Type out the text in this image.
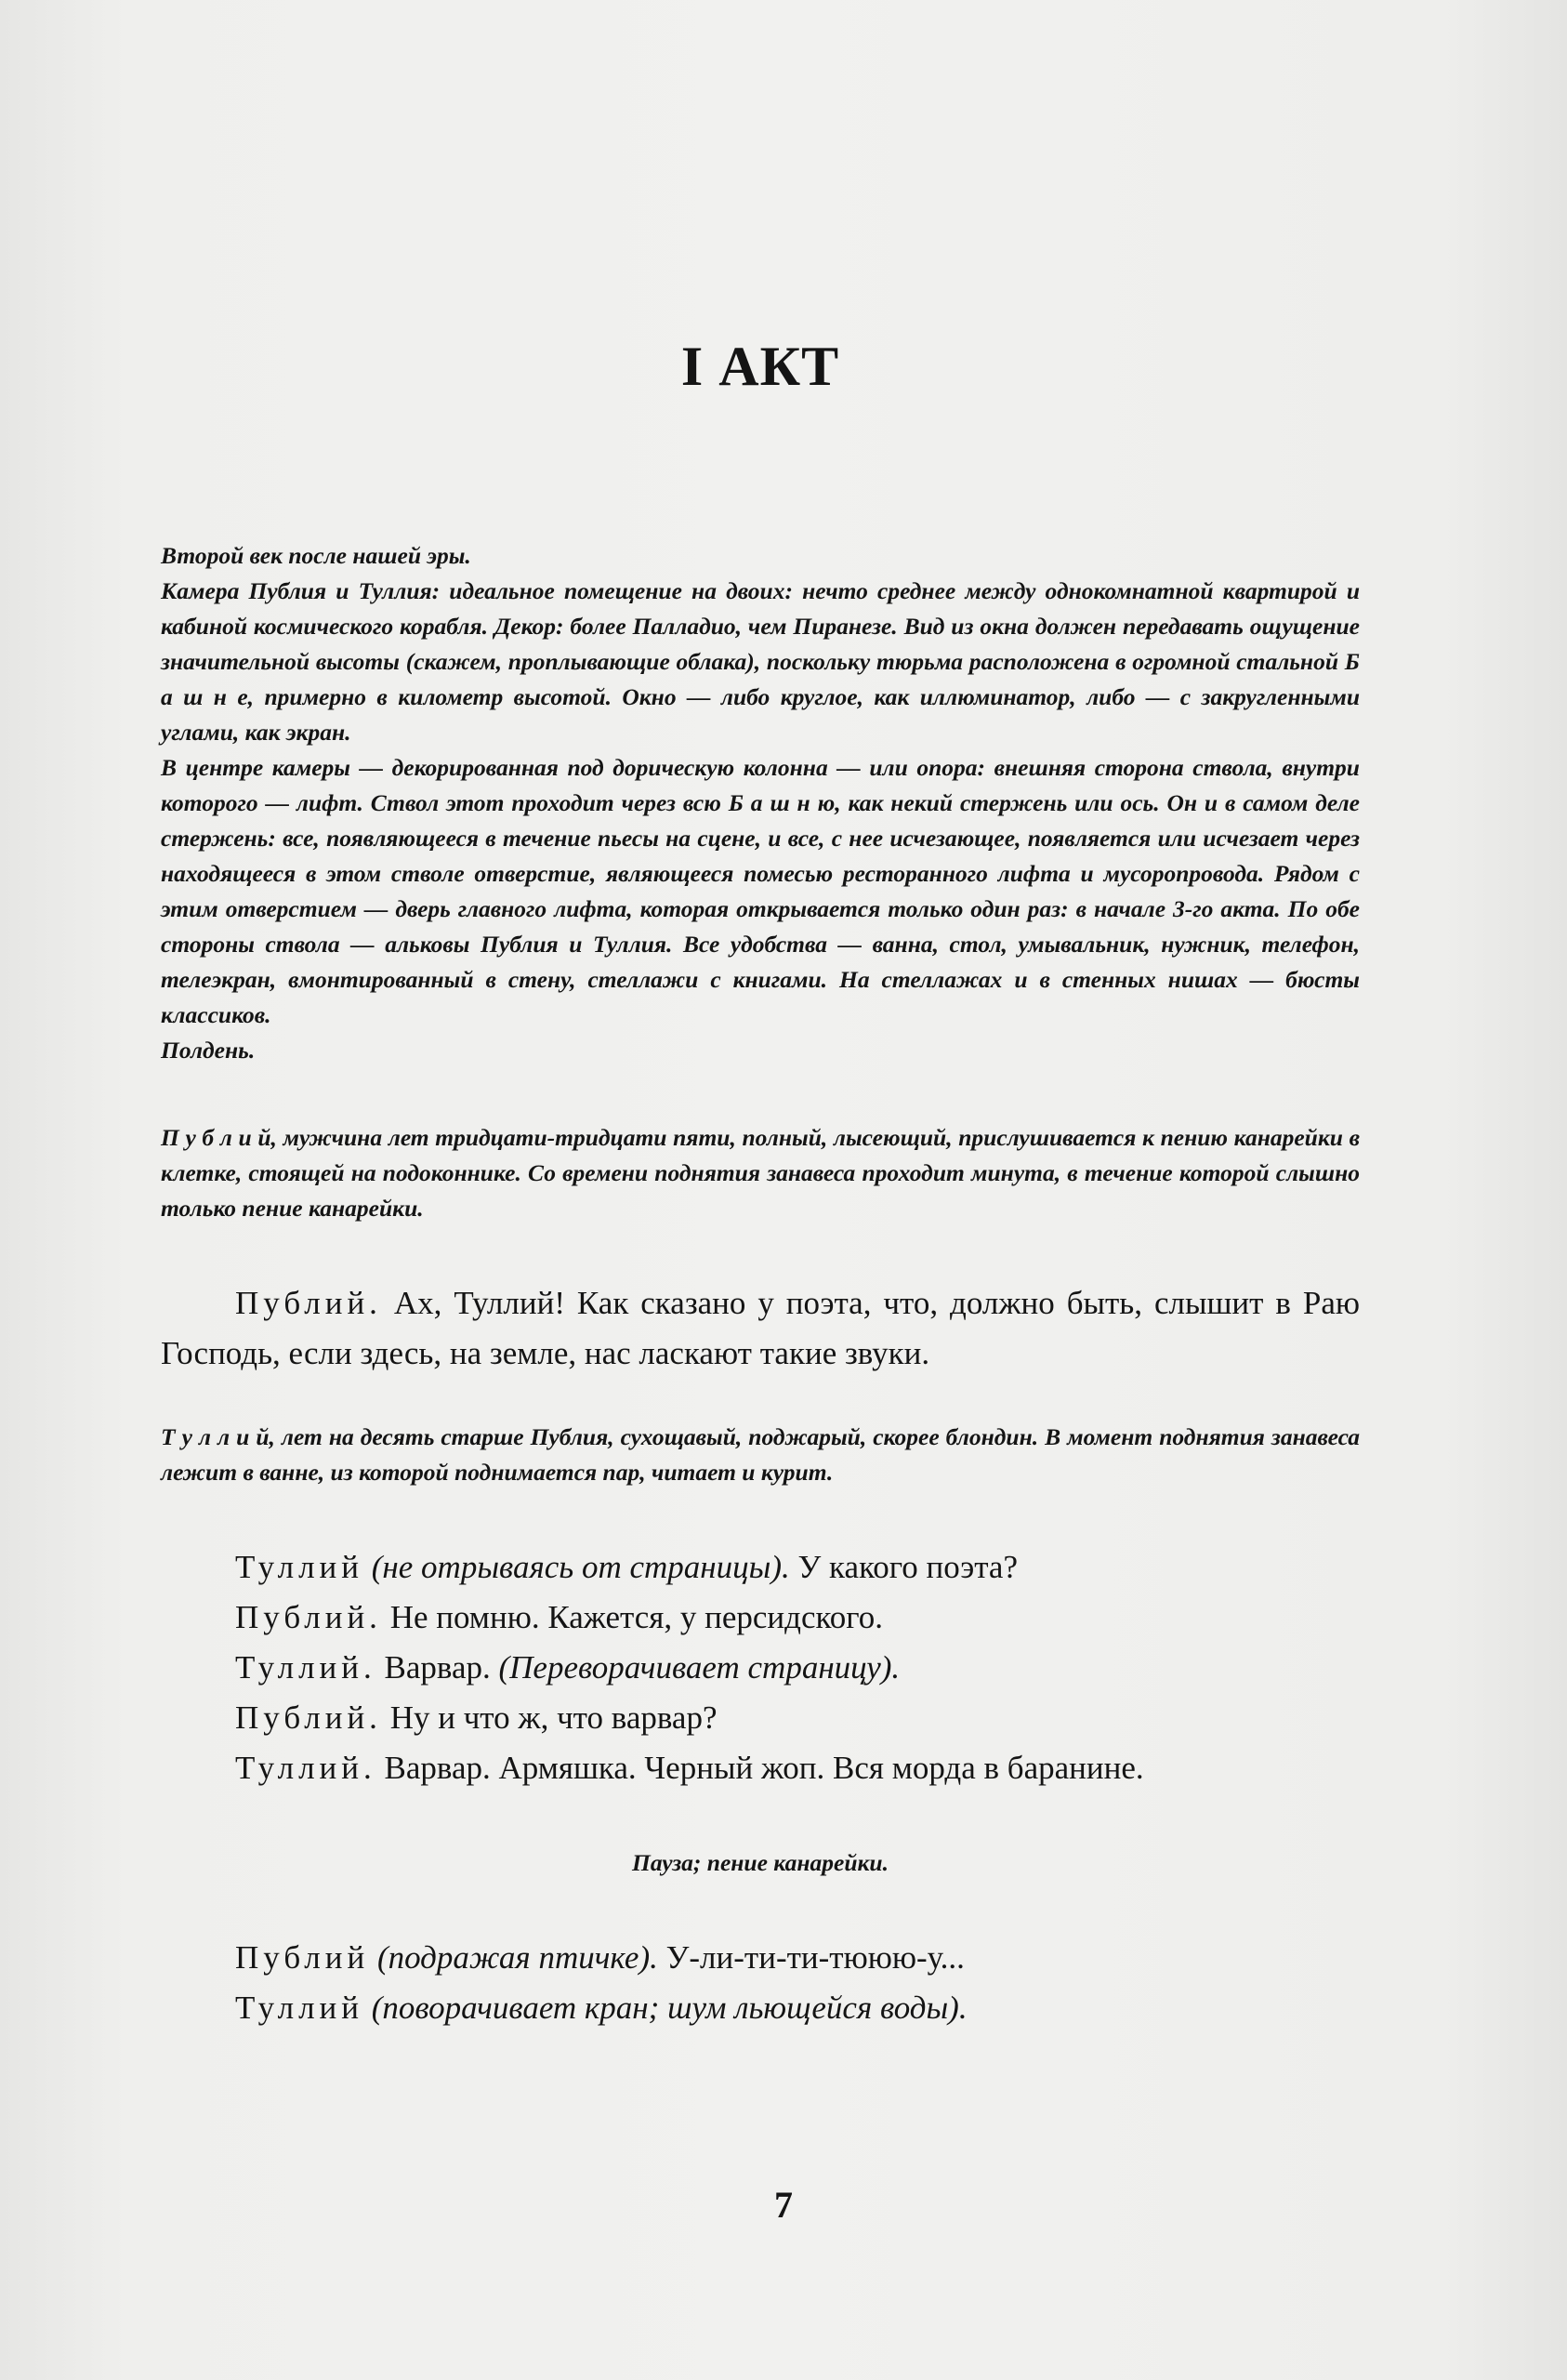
I АКТ

Второй век после нашей эры.

Камера Публия и Туллия: идеальное помещение на двоих: нечто среднее между однокомнатной квартирой и кабиной космического корабля. Декор: более Палладио, чем Пиранезе. Вид из окна должен передавать ощущение значительной высоты (скажем, проплывающие облака), поскольку тюрьма расположена в огромной стальной Б а ш н е, примерно в километр высотой. Окно — либо круглое, как иллюминатор, либо — с закругленными углами, как экран.

В центре камеры — декорированная под дорическую колонна — или опора: внешняя сторона ствола, внутри которого — лифт. Ствол этот проходит через всю Б а ш н ю, как некий стержень или ось. Он и в самом деле стержень: все, появляющееся в течение пьесы на сцене, и все, с нее исчезающее, появляется или исчезает через находящееся в этом стволе отверстие, являющееся помесью ресторанного лифта и мусоропровода. Рядом с этим отверстием — дверь главного лифта, которая открывается только один раз: в начале 3-го акта. По обе стороны ствола — альковы Публия и Туллия. Все удобства — ванна, стол, умывальник, нужник, телефон, телеэкран, вмонтированный в стену, стеллажи с книгами. На стеллажах и в стенных нишах — бюсты классиков.

Полдень.

П у б л и й, мужчина лет тридцати-тридцати пяти, полный, лысеющий, прислушивается к пению канарейки в клетке, стоящей на подоконнике. Со времени поднятия занавеса проходит минута, в течение которой слышно только пение канарейки.

Публий. Ах, Туллий! Как сказано у поэта, что, должно быть, слышит в Раю Господь, если здесь, на земле, нас ласкают такие звуки.

Т у л л и й, лет на десять старше Публия, сухощавый, поджарый, скорее блондин. В момент поднятия занавеса лежит в ванне, из которой поднимается пар, читает и курит.

Туллий (не отрываясь от страницы). У какого поэта?

Публий. Не помню. Кажется, у персидского.

Туллий. Варвар. (Переворачивает страницу).

Публий. Ну и что ж, что варвар?

Туллий. Варвар. Армяшка. Черный жоп. Вся морда в баранине.

Пауза; пение канарейки.

Публий (подражая птичке). У-ли-ти-ти-тююю-у...

Туллий (поворачивает кран; шум льющейся воды).

7
